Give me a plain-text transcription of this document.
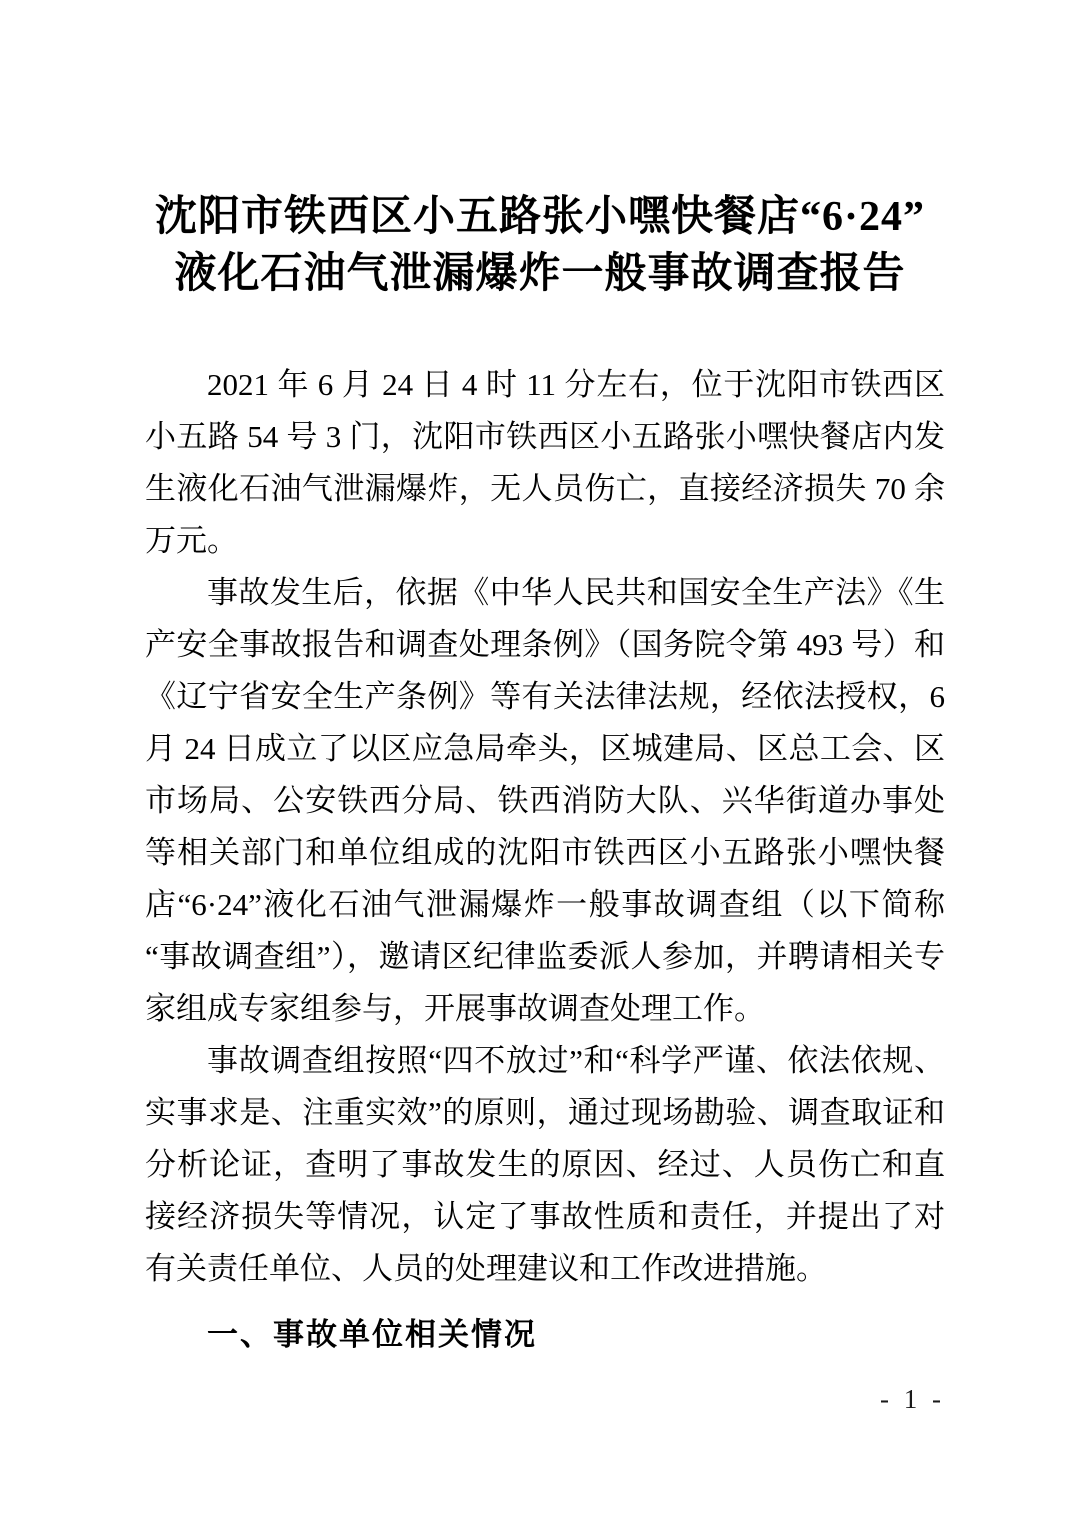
沈阳市铁西区小五路张小嘿快餐店“6·24”
液化石油气泄漏爆炸一般事故调查报告

2021 年 6 月 24 日 4 时 11 分左右，位于沈阳市铁西区小五路 54 号 3 门，沈阳市铁西区小五路张小嘿快餐店内发生液化石油气泄漏爆炸，无人员伤亡，直接经济损失 70 余万元。

事故发生后，依据《中华人民共和国安全生产法》《生产安全事故报告和调查处理条例》（国务院令第 493 号）和《辽宁省安全生产条例》等有关法律法规，经依法授权，6 月 24 日成立了以区应急局牵头，区城建局、区总工会、区市场局、公安铁西分局、铁西消防大队、兴华街道办事处等相关部门和单位组成的沈阳市铁西区小五路张小嘿快餐店“6·24”液化石油气泄漏爆炸一般事故调查组（以下简称“事故调查组”），邀请区纪律监委派人参加，并聘请相关专家组成专家组参与，开展事故调查处理工作。

事故调查组按照“四不放过”和“科学严谨、依法依规、实事求是、注重实效”的原则，通过现场勘验、调查取证和分析论证，查明了事故发生的原因、经过、人员伤亡和直接经济损失等情况，认定了事故性质和责任，并提出了对有关责任单位、人员的处理建议和工作改进措施。

一、事故单位相关情况
- 1 -
